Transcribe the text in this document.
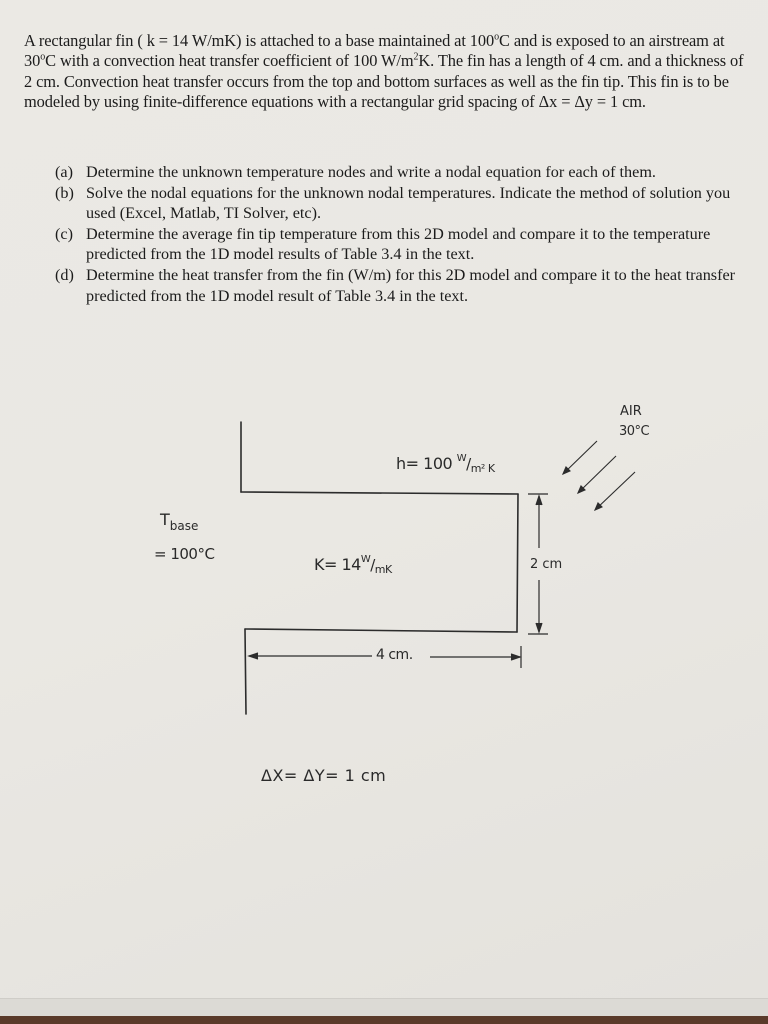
A rectangular fin ( k = 14 W/mK) is attached to a base maintained at 100$^o$C and is exposed to an airstream at 30$^o$C with a convection heat transfer coefficient of 100 $W/m^2K$. The fin has a length of 4 cm. and a thickness of 2 cm. Convection heat transfer occurs from the top and bottom surfaces as well as the fin tip. This fin is to be modeled by using finite-difference equations with a rectangular grid spacing of Δx = Δy = 1 cm.
(a) Determine the unknown temperature nodes and write a nodal equation for each of them.
(b) Solve the nodal equations for the unknown nodal temperatures. Indicate the method of solution you used (Excel, Matlab, TI Solver, etc).
(c) Determine the average fin tip temperature from this 2D model and compare it to the temperature predicted from the 1D model results of Table 3.4 in the text.
(d) Determine the heat transfer from the fin (W/m) for this 2D model and compare it to the heat transfer predicted from the 1D model result of Table 3.4 in the text.
AIR
30°C
h= 100 $^W$/m² K
$T_{base}$
= 100°C
$K= 14^W/mK$	2 cm
4 cm.
ΔX= ΔY= 1 cm
